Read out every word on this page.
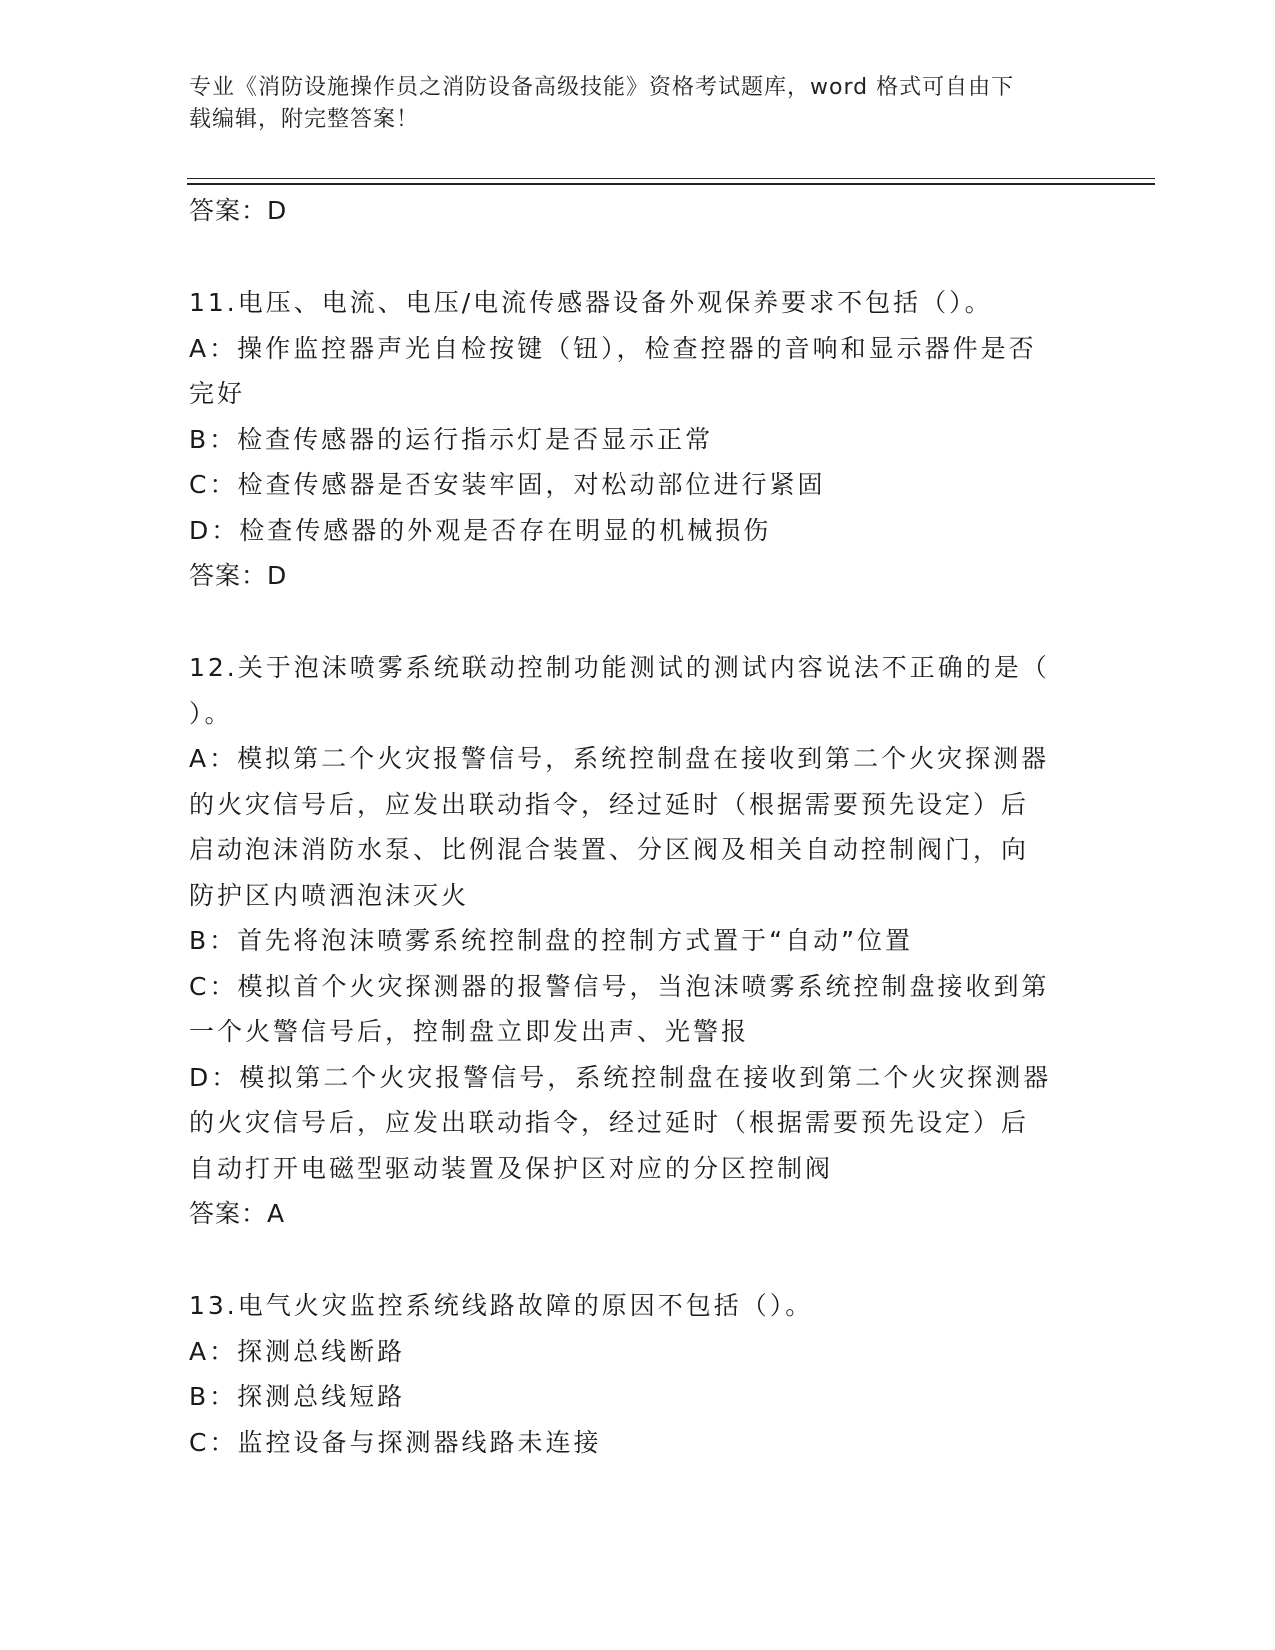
专业《消防设施操作员之消防设备高级技能》资格考试题库，word 格式可自由下
载编辑，附完整答案！
答案：D
11.电压、电流、电压/电流传感器设备外观保养要求不包括（）。
A：操作监控器声光自检按键（钮），检查控器的音响和显示器件是否
完好
B：检查传感器的运行指示灯是否显示正常
C：检查传感器是否安装牢固，对松动部位进行紧固
D：检查传感器的外观是否存在明显的机械损伤
答案：D
12.关于泡沫喷雾系统联动控制功能测试的测试内容说法不正确的是（
）。
A：模拟第二个火灾报警信号，系统控制盘在接收到第二个火灾探测器
的火灾信号后，应发出联动指令，经过延时（根据需要预先设定）后
启动泡沫消防水泵、比例混合装置、分区阀及相关自动控制阀门，向
防护区内喷洒泡沫灭火
B：首先将泡沫喷雾系统控制盘的控制方式置于“自动”位置
C：模拟首个火灾探测器的报警信号，当泡沫喷雾系统控制盘接收到第
一个火警信号后，控制盘立即发出声、光警报
D：模拟第二个火灾报警信号，系统控制盘在接收到第二个火灾探测器
的火灾信号后，应发出联动指令，经过延时（根据需要预先设定）后
自动打开电磁型驱动装置及保护区对应的分区控制阀
答案：A
13.电气火灾监控系统线路故障的原因不包括（）。
A：探测总线断路
B：探测总线短路
C：监控设备与探测器线路未连接
